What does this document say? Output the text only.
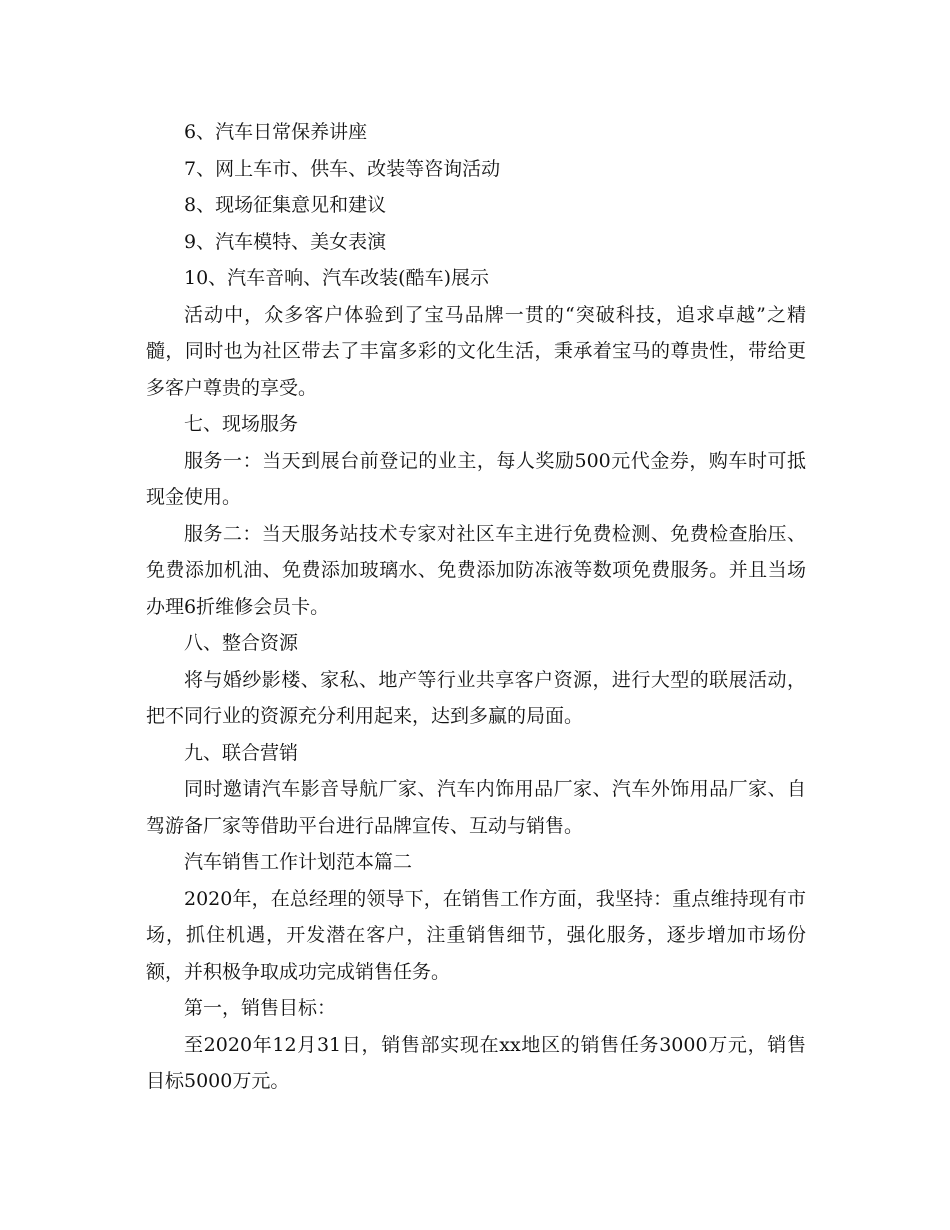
6、汽车日常保养讲座

7、网上车市、供车、改装等咨询活动

8、现场征集意见和建议

9、汽车模特、美女表演

10、汽车音响、汽车改装(酷车)展示

活动中，众多客户体验到了宝马品牌一贯的“突破科技，追求卓越”之精髓，同时也为社区带去了丰富多彩的文化生活，秉承着宝马的尊贵性，带给更多客户尊贵的享受。

七、现场服务

服务一：当天到展台前登记的业主，每人奖励500元代金券，购车时可抵现金使用。

服务二：当天服务站技术专家对社区车主进行免费检测、免费检查胎压、免费添加机油、免费添加玻璃水、免费添加防冻液等数项免费服务。并且当场办理6折维修会员卡。

八、整合资源

将与婚纱影楼、家私、地产等行业共享客户资源，进行大型的联展活动，把不同行业的资源充分利用起来，达到多赢的局面。

九、联合营销

同时邀请汽车影音导航厂家、汽车内饰用品厂家、汽车外饰用品厂家、自驾游备厂家等借助平台进行品牌宣传、互动与销售。

汽车销售工作计划范本篇二

2020年，在总经理的领导下，在销售工作方面，我坚持：重点维持现有市场，抓住机遇，开发潜在客户，注重销售细节，强化服务，逐步增加市场份额，并积极争取成功完成销售任务。

第一，销售目标：

至2020年12月31日，销售部实现在xx地区的销售任务3000万元，销售目标5000万元。
